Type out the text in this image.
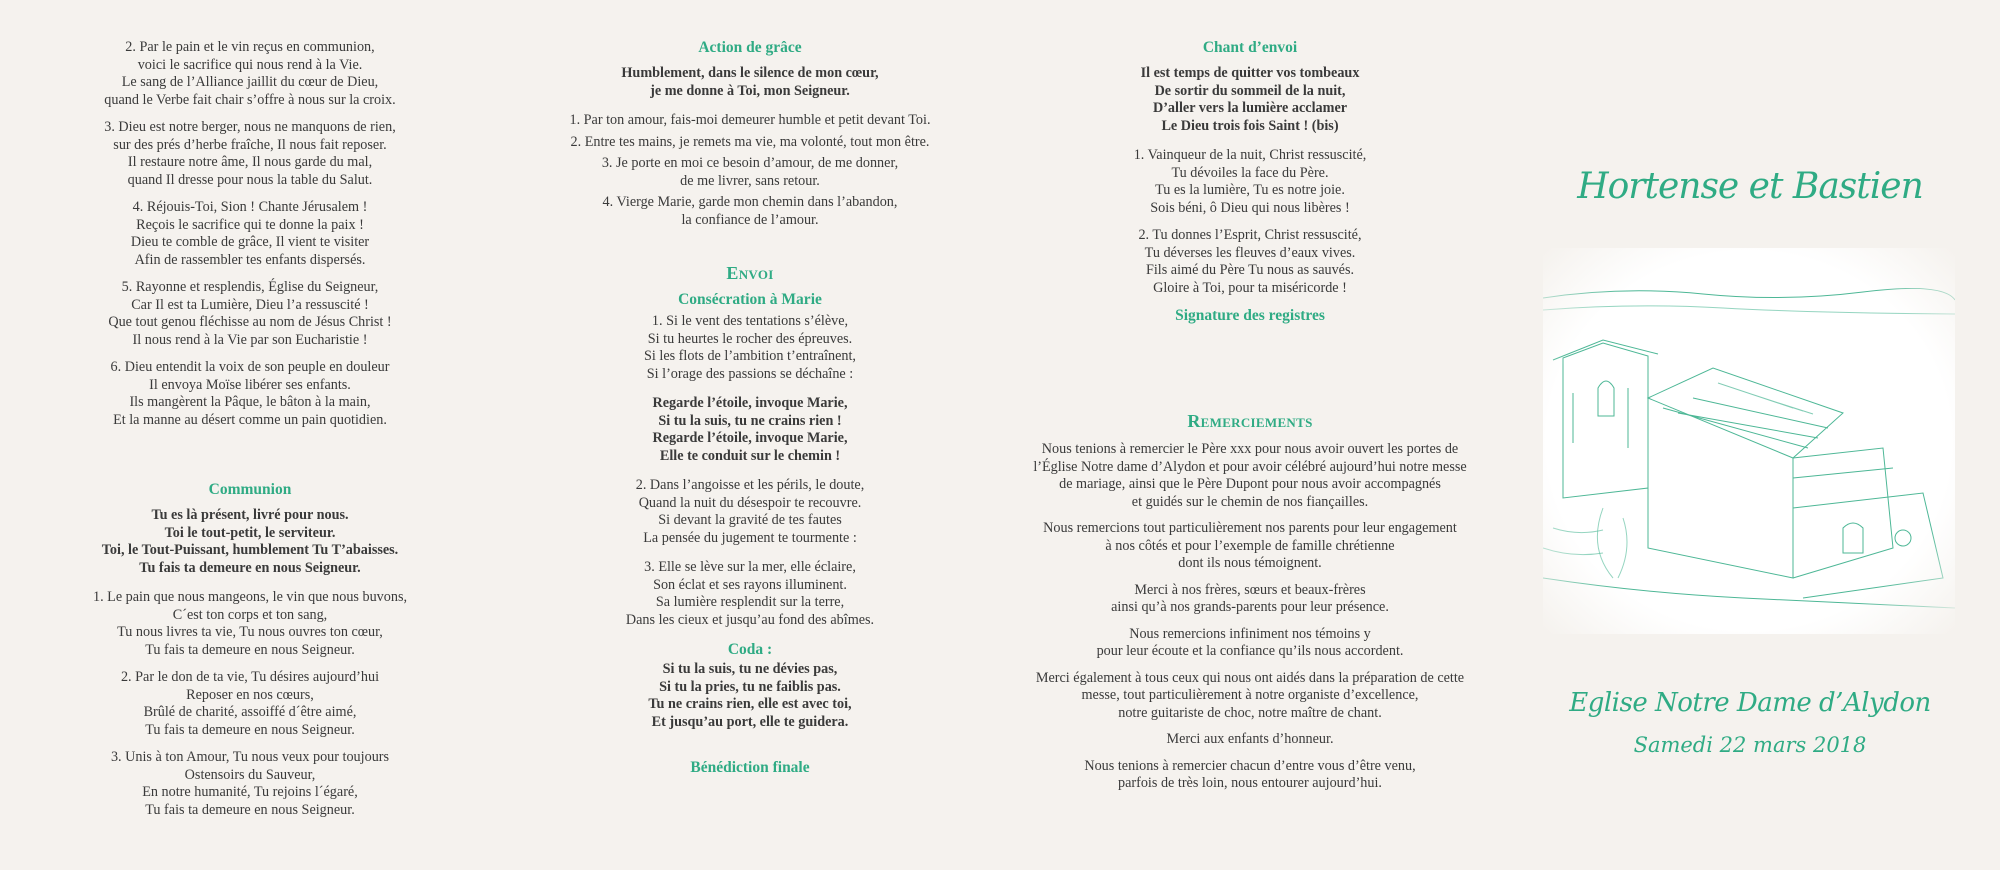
2. Par le pain et le vin reçus en communion,
voici le sacrifice qui nous rend à la Vie.
Le sang de l’Alliance jaillit du cœur de Dieu,
quand le Verbe fait chair s’offre à nous sur la croix.
3. Dieu est notre berger, nous ne manquons de rien,
sur des prés d’herbe fraîche, Il nous fait reposer.
Il restaure notre âme, Il nous garde du mal,
quand Il dresse pour nous la table du Salut.
4. Réjouis-Toi, Sion ! Chante Jérusalem !
Reçois le sacrifice qui te donne la paix !
Dieu te comble de grâce, Il vient te visiter
Afin de rassembler tes enfants dispersés.
5. Rayonne et resplendis, Église du Seigneur,
Car Il est ta Lumière, Dieu l’a ressuscité !
Que tout genou fléchisse au nom de Jésus Christ !
Il nous rend à la Vie par son Eucharistie !
6. Dieu entendit la voix de son peuple en douleur
Il envoya Moïse libérer ses enfants.
Ils mangèrent la Pâque, le bâton à la main,
Et la manne au désert comme un pain quotidien.
Communion
Tu es là présent, livré pour nous.
Toi le tout-petit, le serviteur.
Toi, le Tout-Puissant, humblement Tu T’abaisses.
Tu fais ta demeure en nous Seigneur.
1. Le pain que nous mangeons, le vin que nous buvons,
C´est ton corps et ton sang,
Tu nous livres ta vie, Tu nous ouvres ton cœur,
Tu fais ta demeure en nous Seigneur.
2. Par le don de ta vie, Tu désires aujourd’hui
Reposer en nos cœurs,
Brûlé de charité, assoiffé d´être aimé,
Tu fais ta demeure en nous Seigneur.
3. Unis à ton Amour, Tu nous veux pour toujours
Ostensoirs du Sauveur,
En notre humanité, Tu rejoins l´égaré,
Tu fais ta demeure en nous Seigneur.
Action de grâce
Humblement, dans le silence de mon cœur,
je me donne à Toi, mon Seigneur.
1. Par ton amour, fais-moi demeurer humble et petit devant Toi.
2. Entre tes mains, je remets ma vie, ma volonté, tout mon être.
3. Je porte en moi ce besoin d’amour, de me donner,
de me livrer, sans retour.
4. Vierge Marie, garde mon chemin dans l’abandon,
la confiance de l’amour.
Envoi
Consécration à Marie
1. Si le vent des tentations s’élève,
Si tu heurtes le rocher des épreuves.
Si les flots de l’ambition t’entraînent,
Si l’orage des passions se déchaîne :
Regarde l’étoile, invoque Marie,
Si tu la suis, tu ne crains rien !
Regarde l’étoile, invoque Marie,
Elle te conduit sur le chemin !
2. Dans l’angoisse et les périls, le doute,
Quand la nuit du désespoir te recouvre.
Si devant la gravité de tes fautes
La pensée du jugement te tourmente :
3. Elle se lève sur la mer, elle éclaire,
Son éclat et ses rayons illuminent.
Sa lumière resplendit sur la terre,
Dans les cieux et jusqu’au fond des abîmes.
Coda :
Si tu la suis, tu ne dévies pas,
Si tu la pries, tu ne faiblis pas.
Tu ne crains rien, elle est avec toi,
Et jusqu’au port, elle te guidera.
Bénédiction finale
Chant d’envoi
Il est temps de quitter vos tombeaux
De sortir du sommeil de la nuit,
D’aller vers la lumière acclamer
Le Dieu trois fois Saint ! (bis)
1. Vainqueur de la nuit, Christ ressuscité,
Tu dévoiles la face du Père.
Tu es la lumière, Tu es notre joie.
Sois béni, ô Dieu qui nous libères !
2. Tu donnes l’Esprit, Christ ressuscité,
Tu déverses les fleuves d’eaux vives.
Fils aimé du Père Tu nous as sauvés.
Gloire à Toi, pour ta miséricorde !
Signature des registres
Remerciements
Nous tenions à remercier le Père xxx pour nous avoir ouvert les portes de
l’Église Notre dame d’Alydon et pour avoir célébré aujourd’hui notre messe
de mariage, ainsi que le Père Dupont pour nous avoir accompagnés
et guidés sur le chemin de nos fiançailles.
Nous remercions tout particulièrement nos parents pour leur engagement
à nos côtés et pour l’exemple de famille chrétienne
dont ils nous témoignent.
Merci à nos frères, sœurs et beaux-frères
ainsi qu’à nos grands-parents pour leur présence.
Nous remercions infiniment nos témoins y
pour leur écoute et la confiance qu’ils nous accordent.
Merci également à tous ceux qui nous ont aidés dans la préparation de cette
messe, tout particulièrement à notre organiste d’excellence,
notre guitariste de choc, notre maître de chant.
Merci aux enfants d’honneur.
Nous tenions à remercier chacun d’entre vous d’être venu,
parfois de très loin, nous entourer aujourd’hui.
Hortense et Bastien
Eglise Notre Dame d’Alydon
Samedi 22 mars 2018
